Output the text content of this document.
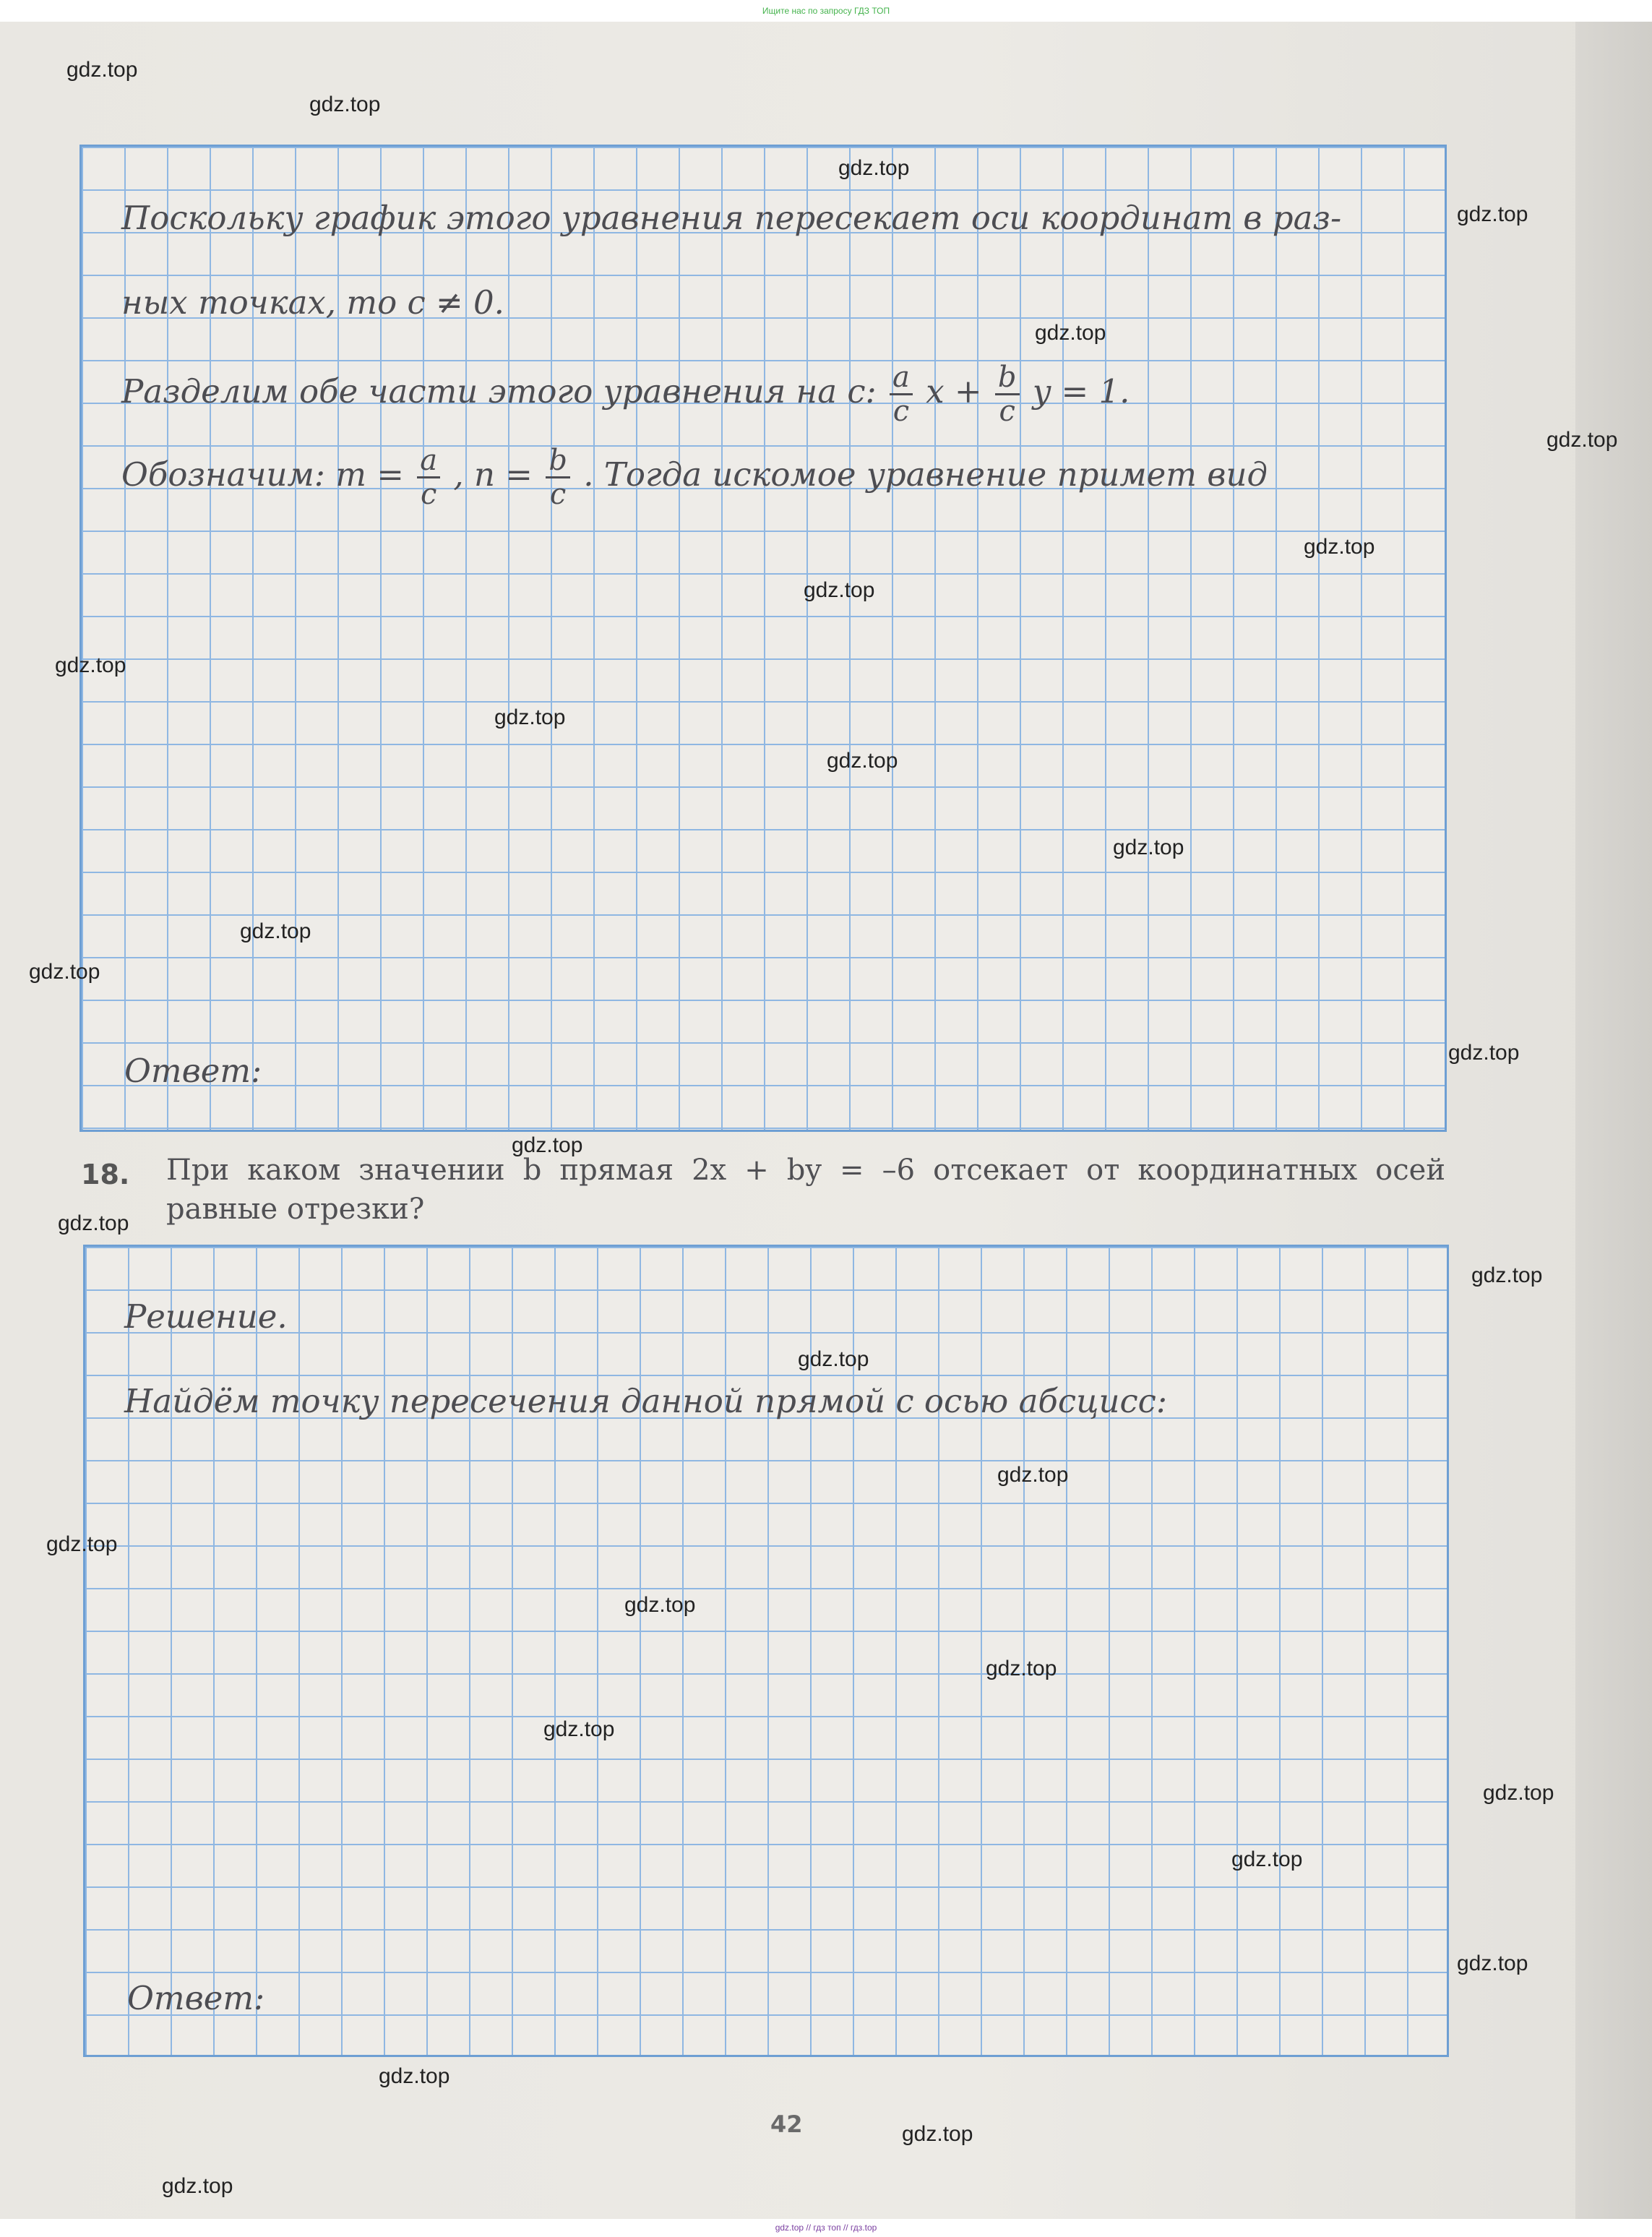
Ищите нас по запросу ГДЗ ТОП
Поскольку график этого уравнения пересекает оси координат в раз-
ных точках, то c ≠ 0.
Разделим обе части этого уравнения на c: $\frac{a}{c}$ $x + \frac{b}{c}$ y = 1.
Обозначим: $m = \frac{a}{c}$ , $n = \frac{b}{c}$ . Тогда искомое уравнение примет вид
Ответ:
18. При каком значении b прямая 2x + by = –6 отсекает от координатных осей равные отрезки?
Решение.
Найдём точку пересечения данной прямой с осью абсцисс:
Ответ:
42
gdz.top
gdz.top
gdz.top
gdz.top
gdz.top
gdz.top
gdz.top
gdz.top
gdz.top
gdz.top
gdz.top
gdz.top
gdz.top
gdz.top
gdz.top
gdz.top
gdz.top
gdz.top
gdz.top
gdz.top
gdz.top
gdz.top
gdz.top
gdz.top
gdz.top
gdz.top
gdz.top
gdz.top
gdz.top
gdz.top
gdz.top // гдз топ // гдз.top
